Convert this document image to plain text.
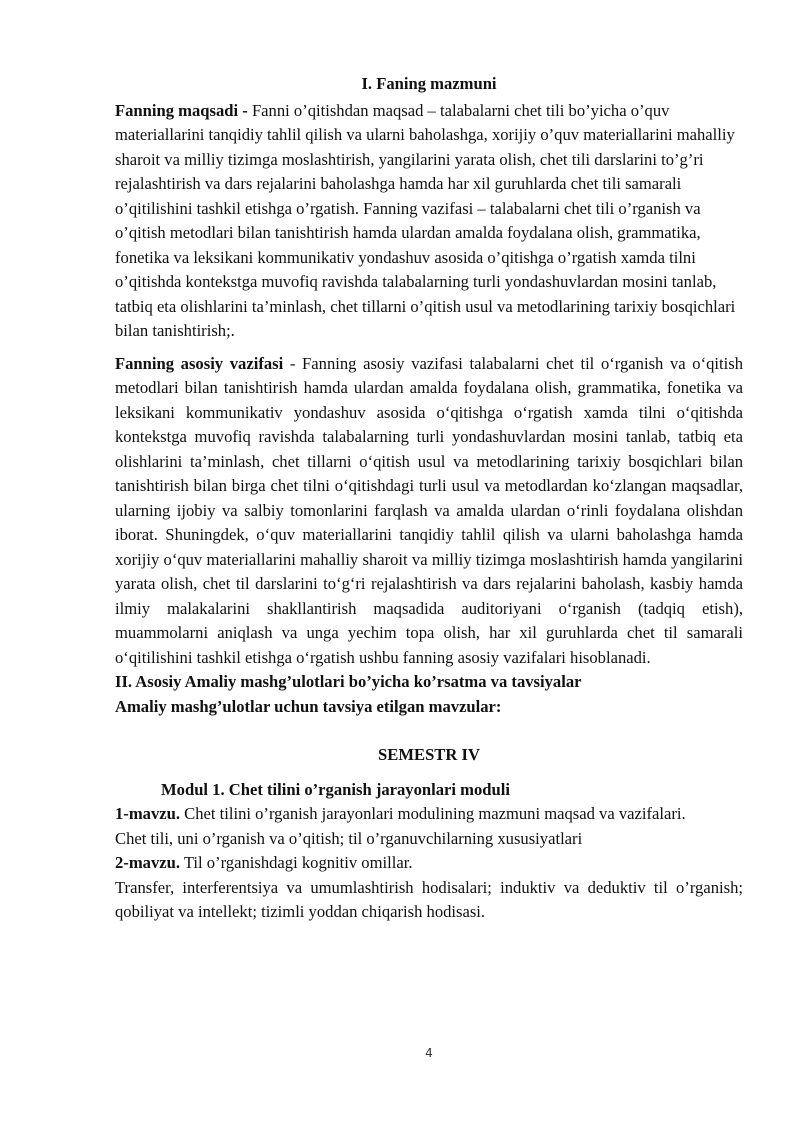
I. Faning mazmuni

Fanning maqsadi - Fanni o’qitishdan maqsad – talabalarni chet tili bo’yicha o’quv materiallarini tanqidiy tahlil qilish va ularni baholashga, xorijiy o’quv materiallarini mahalliy sharoit va milliy tizimga moslashtirish, yangilarini yarata olish, chet tili darslarini to’g’ri rejalashtirish va dars rejalarini baholashga hamda har xil guruhlarda chet tili samarali o’qitilishini tashkil etishga o’rgatish. Fanning vazifasi – talabalarni chet tili o’rganish va o’qitish metodlari bilan tanishtirish hamda ulardan amalda foydalana olish, grammatika, fonetika va leksikani kommunikativ yondashuv asosida o’qitishga o’rgatish xamda tilni o’qitishda kontekstga muvofiq ravishda talabalarning turli yondashuvlardan mosini tanlab, tatbiq eta olishlarini ta’minlash, chet tillarni o’qitish usul va metodlarining tarixiy bosqichlari bilan tanishtirish;.

Fanning asosiy vazifasi - Fanning asosiy vazifasi talabalarni chet til o‘rganish va o‘qitish metodlari bilan tanishtirish hamda ulardan amalda foydalana olish, grammatika, fonetika va leksikani kommunikativ yondashuv asosida o‘qitishga o‘rgatish xamda tilni o‘qitishda kontekstga muvofiq ravishda talabalarning turli yondashuvlardan mosini tanlab, tatbiq eta olishlarini ta’minlash, chet tillarni o‘qitish usul va metodlarining tarixiy bosqichlari bilan tanishtirish bilan birga chet tilni o‘qitishdagi turli usul va metodlardan ko‘zlangan maqsadlar, ularning ijobiy va salbiy tomonlarini farqlash va amalda ulardan o‘rinli foydalana olishdan iborat. Shuningdek, o‘quv materiallarini tanqidiy tahlil qilish va ularni baholashga hamda xorijiy o‘quv materiallarini mahalliy sharoit va milliy tizimga moslashtirish hamda yangilarini yarata olish, chet til darslarini to‘g‘ri rejalashtirish va dars rejalarini baholash, kasbiy hamda ilmiy malakalarini shakllantirish maqsadida auditoriyani o‘rganish (tadqiq etish), muammolarni aniqlash va unga yechim topa olish, har xil guruhlarda chet til samarali o‘qitilishini tashkil etishga o‘rgatish ushbu fanning asosiy vazifalari hisoblanadi.

II. Asosiy Amaliy mashg’ulotlari bo’yicha ko’rsatma va tavsiyalar

Amaliy mashg’ulotlar uchun tavsiya etilgan mavzular:

SEMESTR IV

Modul 1. Chet tilini o’rganish jarayonlari moduli

1-mavzu. Chet tilini o’rganish jarayonlari modulining mazmuni maqsad va vazifalari.

Chet tili, uni o’rganish va o’qitish; til o’rganuvchilarning xususiyatlari

2-mavzu. Til o’rganishdagi kognitiv omillar.

Transfer, interferentsiya va umumlashtirish hodisalari; induktiv va deduktiv til o’rganish; qobiliyat va intellekt; tizimli yoddan chiqarish hodisasi.

4
